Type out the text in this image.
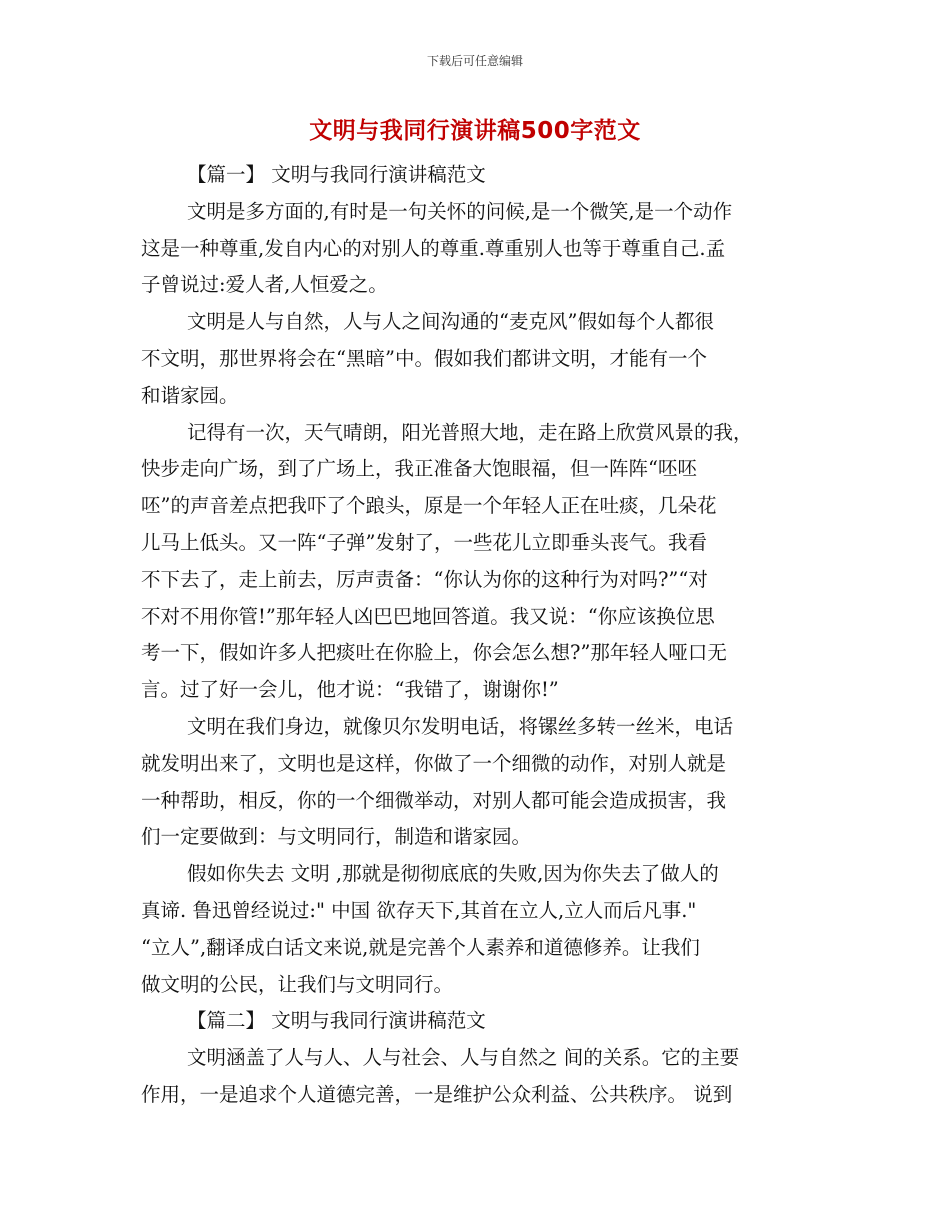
下载后可任意编辑
文明与我同行演讲稿500字范文
【篇一】 文明与我同行演讲稿范文
文明是多方面的,有时是一句关怀的问候,是一个微笑,是一个动作
这是一种尊重,发自内心的对别人的尊重.尊重别人也等于尊重自己.孟
子曾说过:爱人者,人恒爱之。
文明是人与自然，人与人之间沟通的“麦克风”假如每个人都很
不文明，那世界将会在“黑暗”中。假如我们都讲文明，才能有一个
和谐家园。
记得有一次，天气晴朗，阳光普照大地，走在路上欣赏风景的我，
快步走向广场，到了广场上，我正准备大饱眼福，但一阵阵“呸呸
呸”的声音差点把我吓了个踉头，原是一个年轻人正在吐痰，几朵花
儿马上低头。又一阵“子弹”发射了，一些花儿立即垂头丧气。我看
不下去了，走上前去，厉声责备：“你认为你的这种行为对吗?”“对
不对不用你管!”那年轻人凶巴巴地回答道。我又说：“你应该换位思
考一下，假如许多人把痰吐在你脸上，你会怎么想?”那年轻人哑口无
言。过了好一会儿，他才说：“我错了，谢谢你!”
文明在我们身边，就像贝尔发明电话，将镙丝多转一丝米，电话
就发明出来了，文明也是这样，你做了一个细微的动作，对别人就是
一种帮助，相反，你的一个细微举动，对别人都可能会造成损害，我
们一定要做到：与文明同行，制造和谐家园。
假如你失去 文明 ,那就是彻彻底底的失败,因为你失去了做人的
真谛. 鲁迅曾经说过:" 中国 欲存天下,其首在立人,立人而后凡事."
“立人”,翻译成白话文来说,就是完善个人素养和道德修养。让我们
做文明的公民，让我们与文明同行。
【篇二】 文明与我同行演讲稿范文
文明涵盖了人与人、人与社会、人与自然之 间的关系。它的主要
作用，一是追求个人道德完善，一是维护公众利益、公共秩序。 说到
